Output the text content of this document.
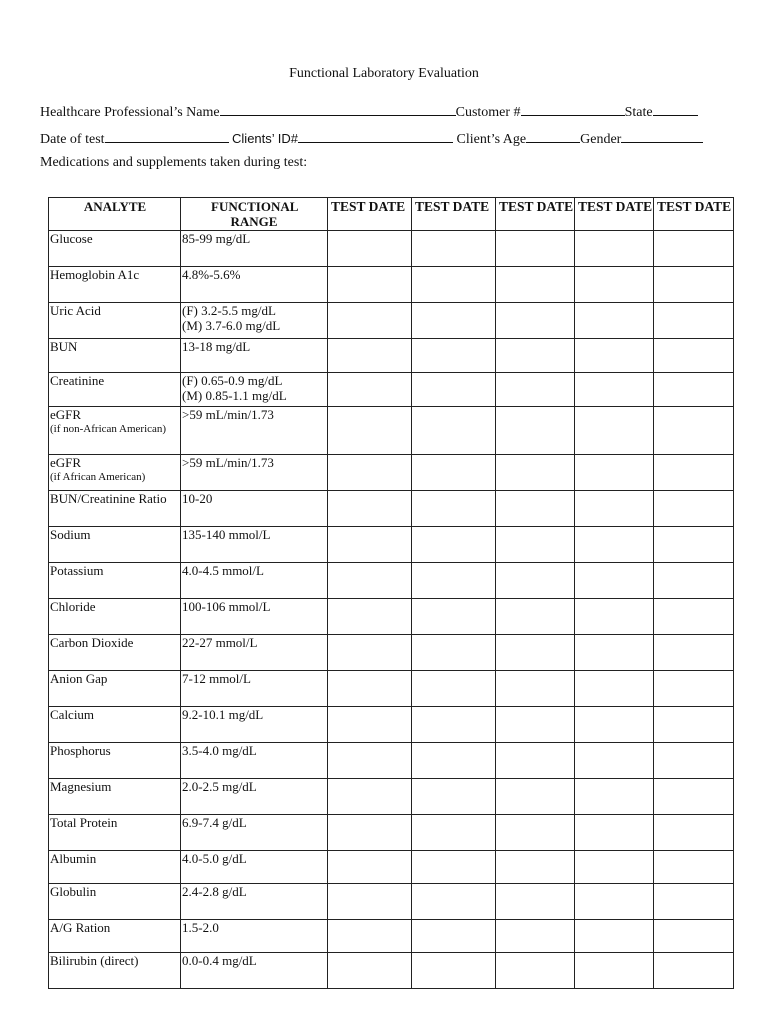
Functional Laboratory Evaluation
Healthcare Professional’s Name	Customer #	State
Date of test	Clients’ ID#	Client’s Age	Gender
Medications and supplements taken during test:
ANALYTE	FUNCTIONAL RANGE	TEST DATE	TEST DATE	TEST DATE	TEST DATE	TEST DATE
Glucose	85-99 mg/dL					

Hemoglobin A1c	4.8%-5.6%					

Uric Acid	(F) 3.2-5.5 mg/dL
(M) 3.7-6.0 mg/dL					

BUN	13-18 mg/dL					

Creatinine	(F) 0.65-0.9 mg/dL
(M) 0.85-1.1 mg/dL					

eGFR
(if non-African American)	>59 mL/min/1.73					

eGFR
(if African American)	>59 mL/min/1.73					

BUN/Creatinine Ratio	10-20					

Sodium	135-140 mmol/L					

Potassium	4.0-4.5 mmol/L					

Chloride	100-106 mmol/L					

Carbon Dioxide	22-27 mmol/L					

Anion Gap	7-12 mmol/L					

Calcium	9.2-10.1 mg/dL					

Phosphorus	3.5-4.0 mg/dL					

Magnesium	2.0-2.5 mg/dL					

Total Protein	6.9-7.4 g/dL					

Albumin	4.0-5.0 g/dL					

Globulin	2.4-2.8 g/dL					

A/G Ration	1.5-2.0					

Bilirubin (direct)	0.0-0.4 mg/dL					
